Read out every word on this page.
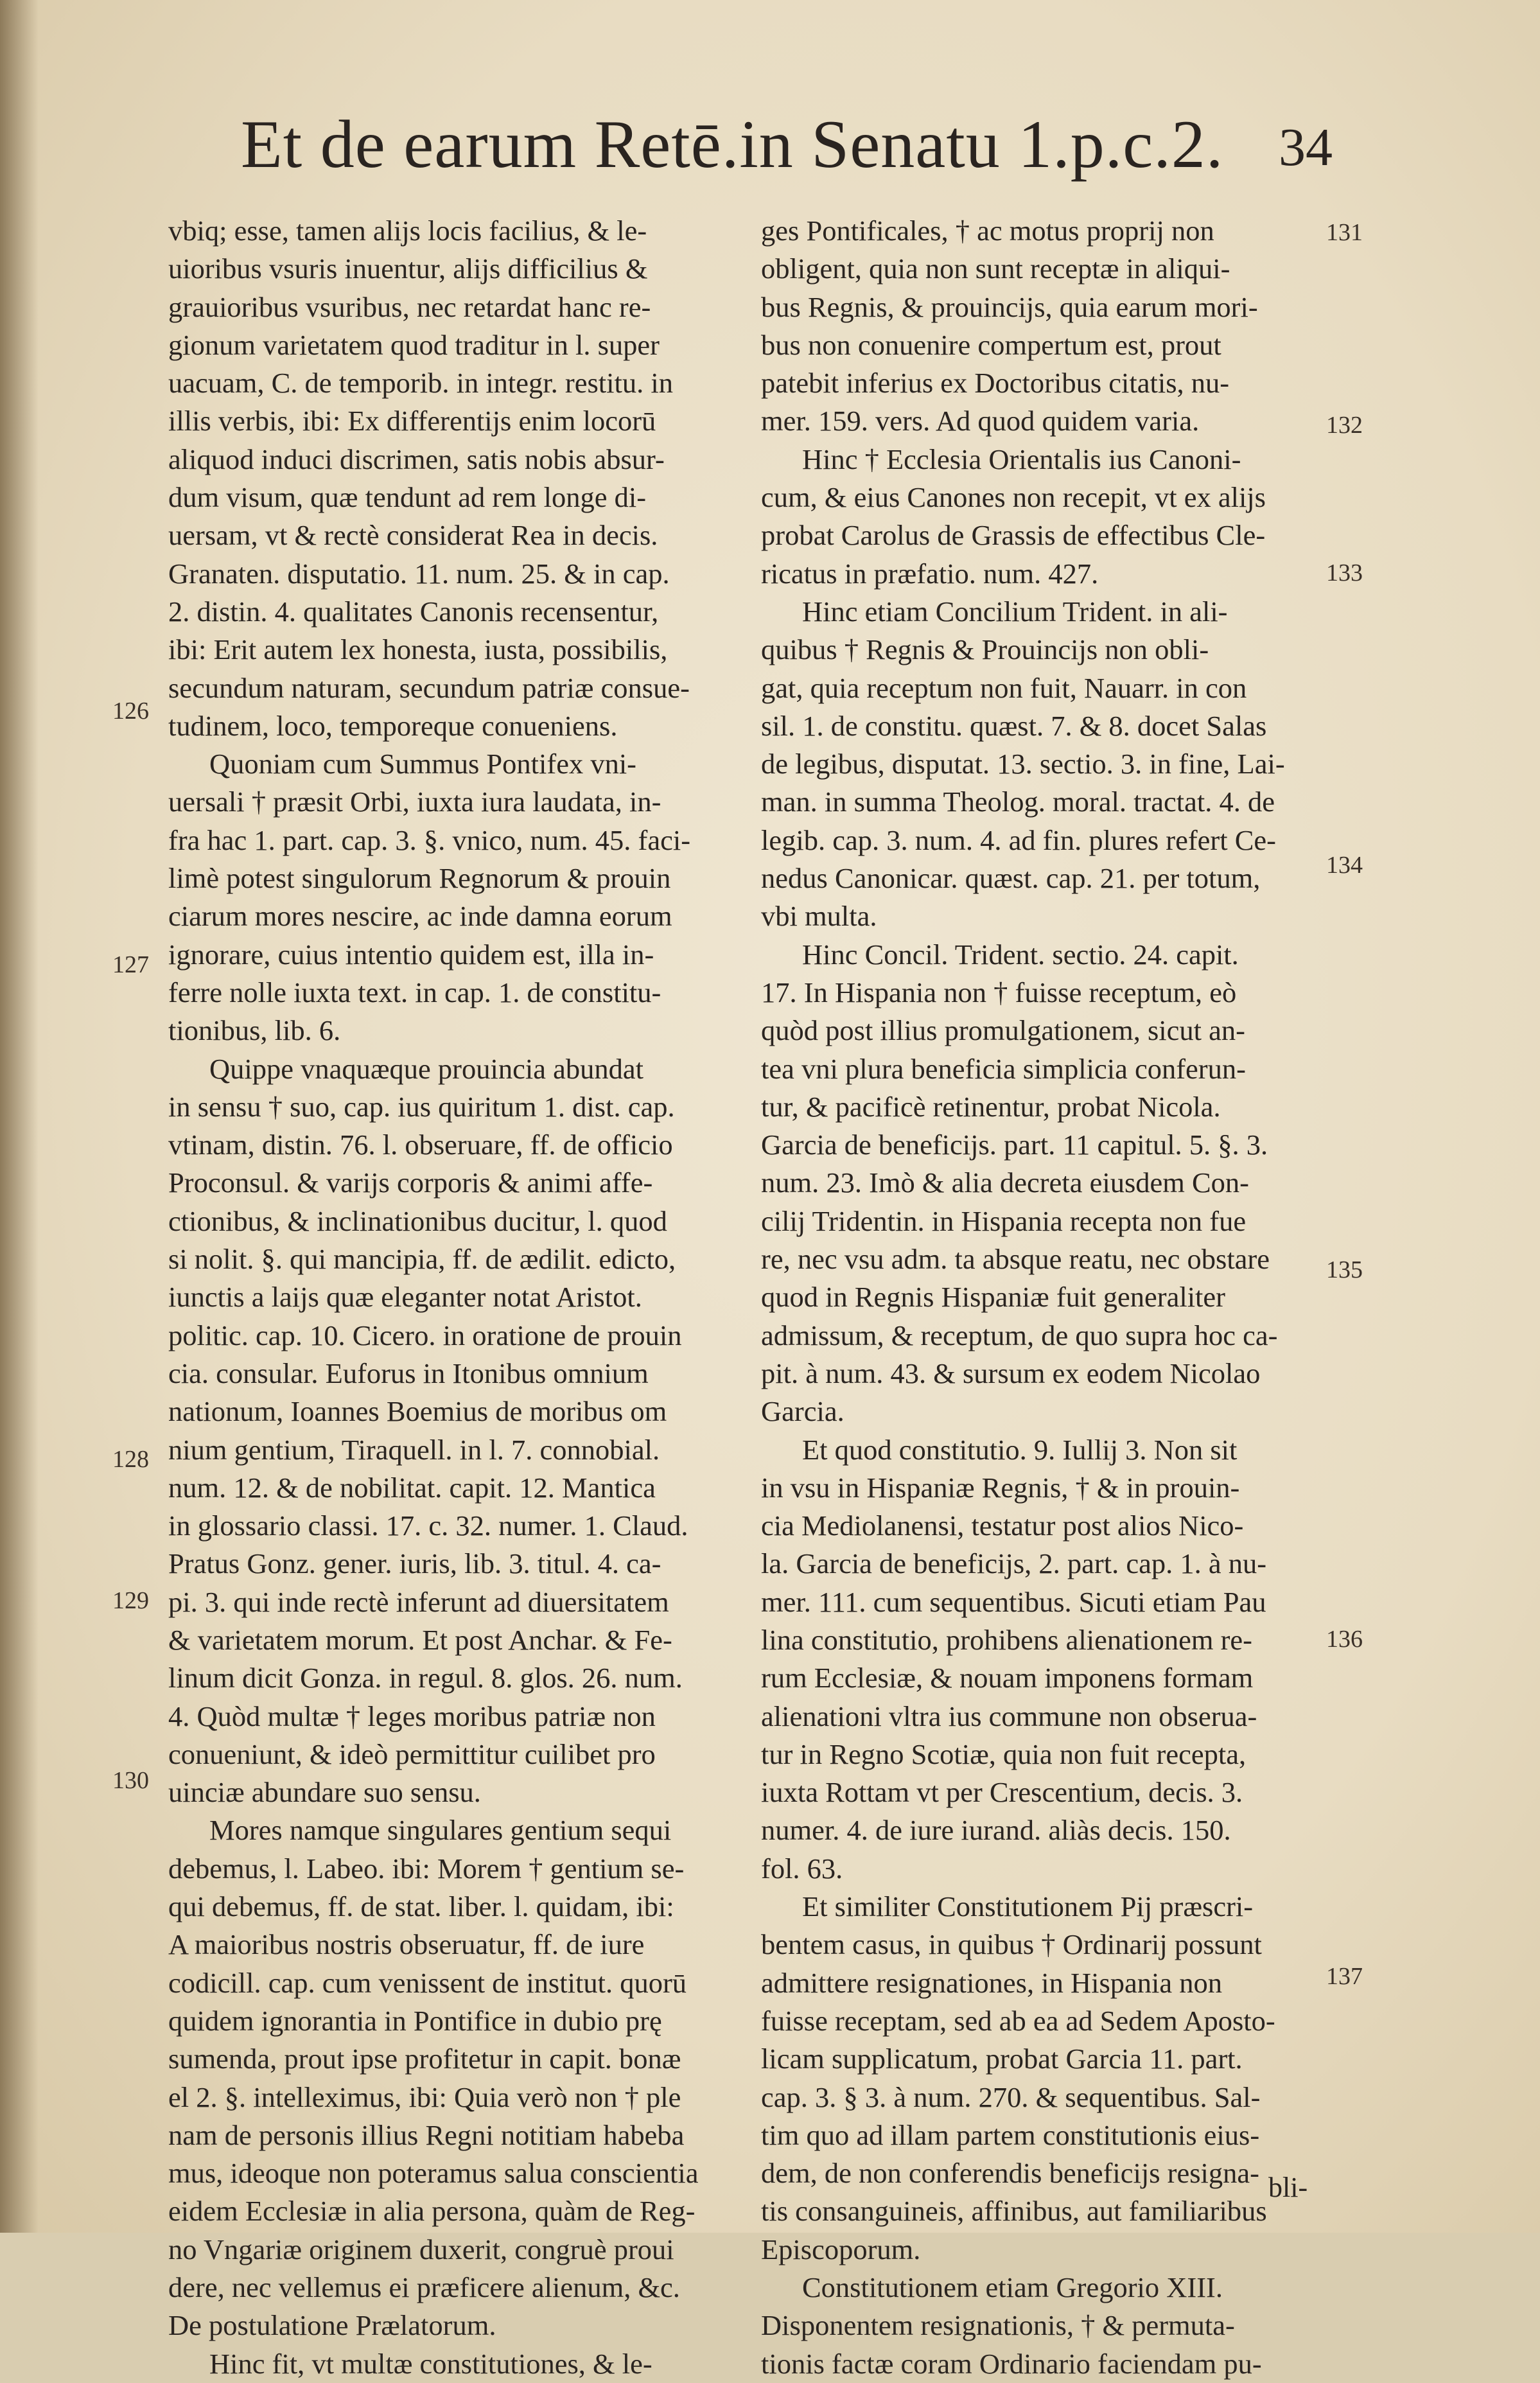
Et de earum Retē.in Senatu 1.p.c.2. 34

vbiq; esse, tamen alijs locis facilius, & le-

uioribus vsuris inuentur, alijs difficilius &

grauioribus vsuribus, nec retardat hanc re-

gionum varietatem quod traditur in l. super

uacuam, C. de temporib. in integr. restitu. in

illis verbis, ibi: Ex differentijs enim locorū

aliquod induci discrimen, satis nobis absur-

dum visum, quæ tendunt ad rem longe di-

uersam, vt & rectè considerat Rea in decis.

Granaten. disputatio. 11. num. 25. & in cap.

2. distin. 4. qualitates Canonis recensentur,

ibi: Erit autem lex honesta, iusta, possibilis,

secundum naturam, secundum patriæ consue-

tudinem, loco, temporeque conueniens.

Quoniam cum Summus Pontifex vni-

uersali † præsit Orbi, iuxta iura laudata, in-

fra hac 1. part. cap. 3. §. vnico, num. 45. faci-

limè potest singulorum Regnorum & prouin

ciarum mores nescire, ac inde damna eorum

ignorare, cuius intentio quidem est, illa in-

ferre nolle iuxta text. in cap. 1. de constitu-

tionibus, lib. 6.

Quippe vnaquæque prouincia abundat

in sensu † suo, cap. ius quiritum 1. dist. cap.

vtinam, distin. 76. l. obseruare, ff. de officio

Proconsul. & varijs corporis & animi affe-

ctionibus, & inclinationibus ducitur, l. quod

si nolit. §. qui mancipia, ff. de ædilit. edicto,

iunctis a laijs quæ eleganter notat Aristot.

politic. cap. 10. Cicero. in oratione de prouin

cia. consular. Euforus in Itonibus omnium

nationum, Ioannes Boemius de moribus om

nium gentium, Tiraquell. in l. 7. connobial.

num. 12. & de nobilitat. capit. 12. Mantica

in glossario classi. 17. c. 32. numer. 1. Claud.

Pratus Gonz. gener. iuris, lib. 3. titul. 4. ca-

pi. 3. qui inde rectè inferunt ad diuersitatem

& varietatem morum. Et post Anchar. & Fe-

linum dicit Gonza. in regul. 8. glos. 26. num.

4. Quòd multæ † leges moribus patriæ non

conueniunt, & ideò permittitur cuilibet pro

uinciæ abundare suo sensu.

Mores namque singulares gentium sequi

debemus, l. Labeo. ibi: Morem † gentium se-

qui debemus, ff. de stat. liber. l. quidam, ibi:

A maioribus nostris obseruatur, ff. de iure

codicill. cap. cum venissent de institut. quorū

quidem ignorantia in Pontifice in dubio prę

sumenda, prout ipse profitetur in capit. bonæ

el 2. §. intelleximus, ibi: Quia verò non † ple

nam de personis illius Regni notitiam habeba

mus, ideoque non poteramus salua conscientia

eidem Ecclesiæ in alia persona, quàm de Reg-

no Vngariæ originem duxerit, congruè proui

dere, nec vellemus ei præficere alienum, &c.

De postulatione Prælatorum.

Hinc fit, vt multæ constitutiones, & le-

ges Pontificales, † ac motus proprij non

obligent, quia non sunt receptæ in aliqui-

bus Regnis, & prouincijs, quia earum mori-

bus non conuenire compertum est, prout

patebit inferius ex Doctoribus citatis, nu-

mer. 159. vers. Ad quod quidem varia.

Hinc † Ecclesia Orientalis ius Canoni-

cum, & eius Canones non recepit, vt ex alijs

probat Carolus de Grassis de effectibus Cle-

ricatus in præfatio. num. 427.

Hinc etiam Concilium Trident. in ali-

quibus † Regnis & Prouincijs non obli-

gat, quia receptum non fuit, Nauarr. in con

sil. 1. de constitu. quæst. 7. & 8. docet Salas

de legibus, disputat. 13. sectio. 3. in fine, Lai-

man. in summa Theolog. moral. tractat. 4. de

legib. cap. 3. num. 4. ad fin. plures refert Ce-

nedus Canonicar. quæst. cap. 21. per totum,

vbi multa.

Hinc Concil. Trident. sectio. 24. capit.

17. In Hispania non † fuisse receptum, eò

quòd post illius promulgationem, sicut an-

tea vni plura beneficia simplicia conferun-

tur, & pacificè retinentur, probat Nicola.

Garcia de beneficijs. part. 11 capitul. 5. §. 3.

num. 23. Imò & alia decreta eiusdem Con-

cilij Tridentin. in Hispania recepta non fue

re, nec vsu adm. ta absque reatu, nec obstare

quod in Regnis Hispaniæ fuit generaliter

admissum, & receptum, de quo supra hoc ca-

pit. à num. 43. & sursum ex eodem Nicolao

Garcia.

Et quod constitutio. 9. Iullij 3. Non sit

in vsu in Hispaniæ Regnis, † & in prouin-

cia Mediolanensi, testatur post alios Nico-

la. Garcia de beneficijs, 2. part. cap. 1. à nu-

mer. 111. cum sequentibus. Sicuti etiam Pau

lina constitutio, prohibens alienationem re-

rum Ecclesiæ, & nouam imponens formam

alienationi vltra ius commune non obserua-

tur in Regno Scotiæ, quia non fuit recepta,

iuxta Rottam vt per Crescentium, decis. 3.

numer. 4. de iure iurand. aliàs decis. 150.

fol. 63.

Et similiter Constitutionem Pij præscri-

bentem casus, in quibus † Ordinarij possunt

admittere resignationes, in Hispania non

fuisse receptam, sed ab ea ad Sedem Aposto-

licam supplicatum, probat Garcia 11. part.

cap. 3. § 3. à num. 270. & sequentibus. Sal-

tim quo ad illam partem constitutionis eius-

dem, de non conferendis beneficijs resigna-

tis consanguineis, affinibus, aut familiaribus

Episcoporum.

Constitutionem etiam Gregorio XIII.

Disponentem resignationis, † & permuta-

tionis factæ coram Ordinario faciendam pu-

126
127
128
129
130
131
132
133
134
135
136
137
bli-
